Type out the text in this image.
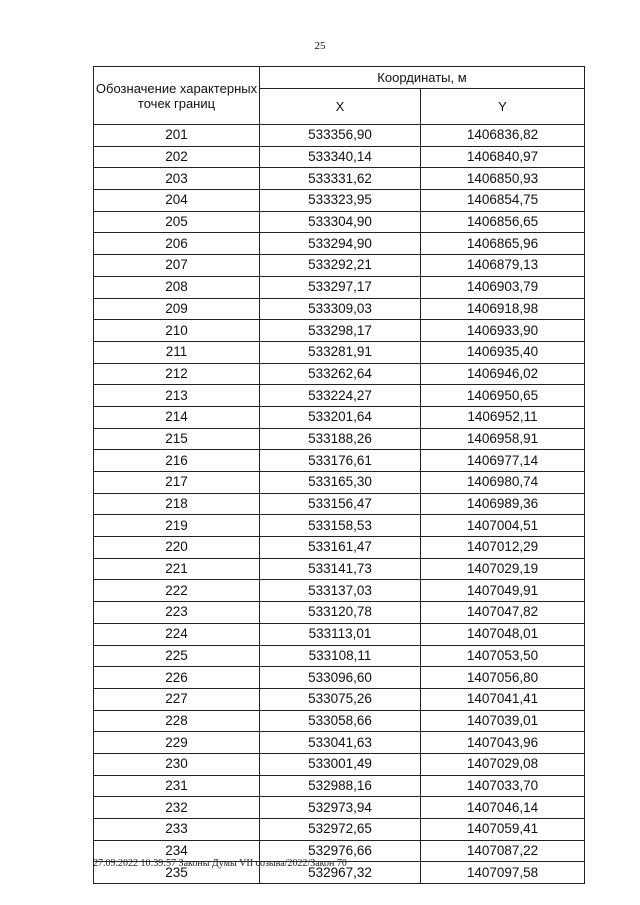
25
Обозначение характерных точек границ	Координаты, м	
	X	Y
201	533356,90	1406836,82
202	533340,14	1406840,97
203	533331,62	1406850,93
204	533323,95	1406854,75
205	533304,90	1406856,65
206	533294,90	1406865,96
207	533292,21	1406879,13
208	533297,17	1406903,79
209	533309,03	1406918,98
210	533298,17	1406933,90
211	533281,91	1406935,40
212	533262,64	1406946,02
213	533224,27	1406950,65
214	533201,64	1406952,11
215	533188,26	1406958,91
216	533176,61	1406977,14
217	533165,30	1406980,74
218	533156,47	1406989,36
219	533158,53	1407004,51
220	533161,47	1407012,29
221	533141,73	1407029,19
222	533137,03	1407049,91
223	533120,78	1407047,82
224	533113,01	1407048,01
225	533108,11	1407053,50
226	533096,60	1407056,80
227	533075,26	1407041,41
228	533058,66	1407039,01
229	533041,63	1407043,96
230	533001,49	1407029,08
231	532988,16	1407033,70
232	532973,94	1407046,14
233	532972,65	1407059,41
234	532976,66	1407087,22
235	532967,32	1407097,58
27.09.2022 10:39:57 Законы Думы VII созыва/2022/Закон 70
